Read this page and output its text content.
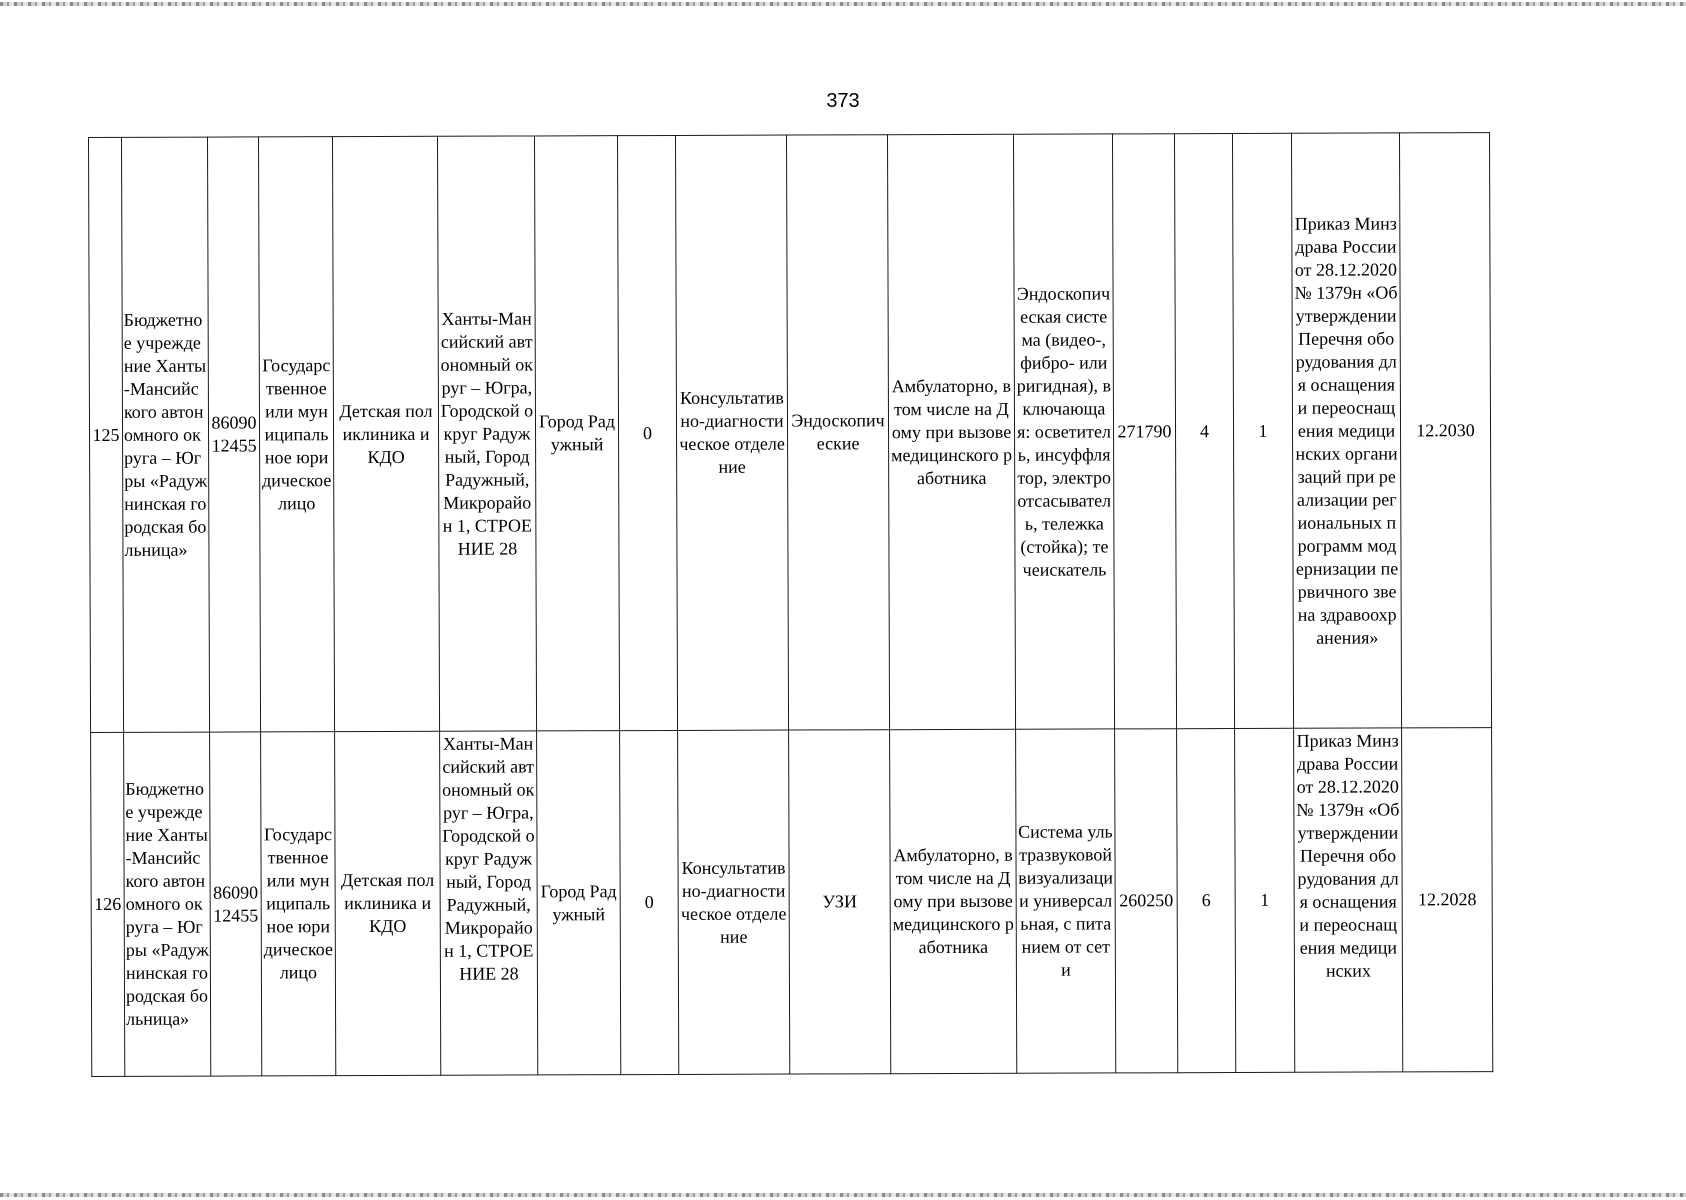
373
125	Бюджетное учреждение Ханты-Мансийского автономного округа – Югры «Радужнинская городская больница»	8609012455	Государственное или муниципальное юридическое лицо	Детская поликлиника и КДО	Ханты-Мансийский автономный округ – Югра, Городской округ Радужный, Город Радужный, Микрорайон 1, СТРОЕНИЕ 28	Город Радужный	0	Консультативно-диагностическое отделение	Эндоскопические	Амбулаторно, в том числе на Дому при вызове медицинского работника	Эндоскопическая система (видео-, фибро- или ригидная), включающая: осветитель, инсуффлятор, электроотсасыватель, тележка (стойка); течеискатель	271790	4	1	Приказ Минздрава России от 28.12.2020 № 1379н «Об утверждении Перечня оборудования для оснащения и переоснащения медицинских организаций при реализации региональных программ модернизации первичного звена здравоохранения»	12.2030
126	Бюджетное учреждение Ханты-Мансийского автономного округа – Югры «Радужнинская городская больница»	8609012455	Государственное или муниципальное юридическое лицо	Детская поликлиника и КДО	Ханты-Мансийский автономный округ – Югра, Городской округ Радужный, Город Радужный, Микрорайон 1, СТРОЕНИЕ 28	Город Радужный	0	Консультативно-диагностическое отделение	УЗИ	Амбулаторно, в том числе на Дому при вызове медицинского работника	Система ультразвуковой визуализации универсальная, с питанием от сети	260250	6	1	Приказ Минздрава России от 28.12.2020 № 1379н «Об утверждении Перечня оборудования для оснащения и переоснащения медицинских	12.2028
